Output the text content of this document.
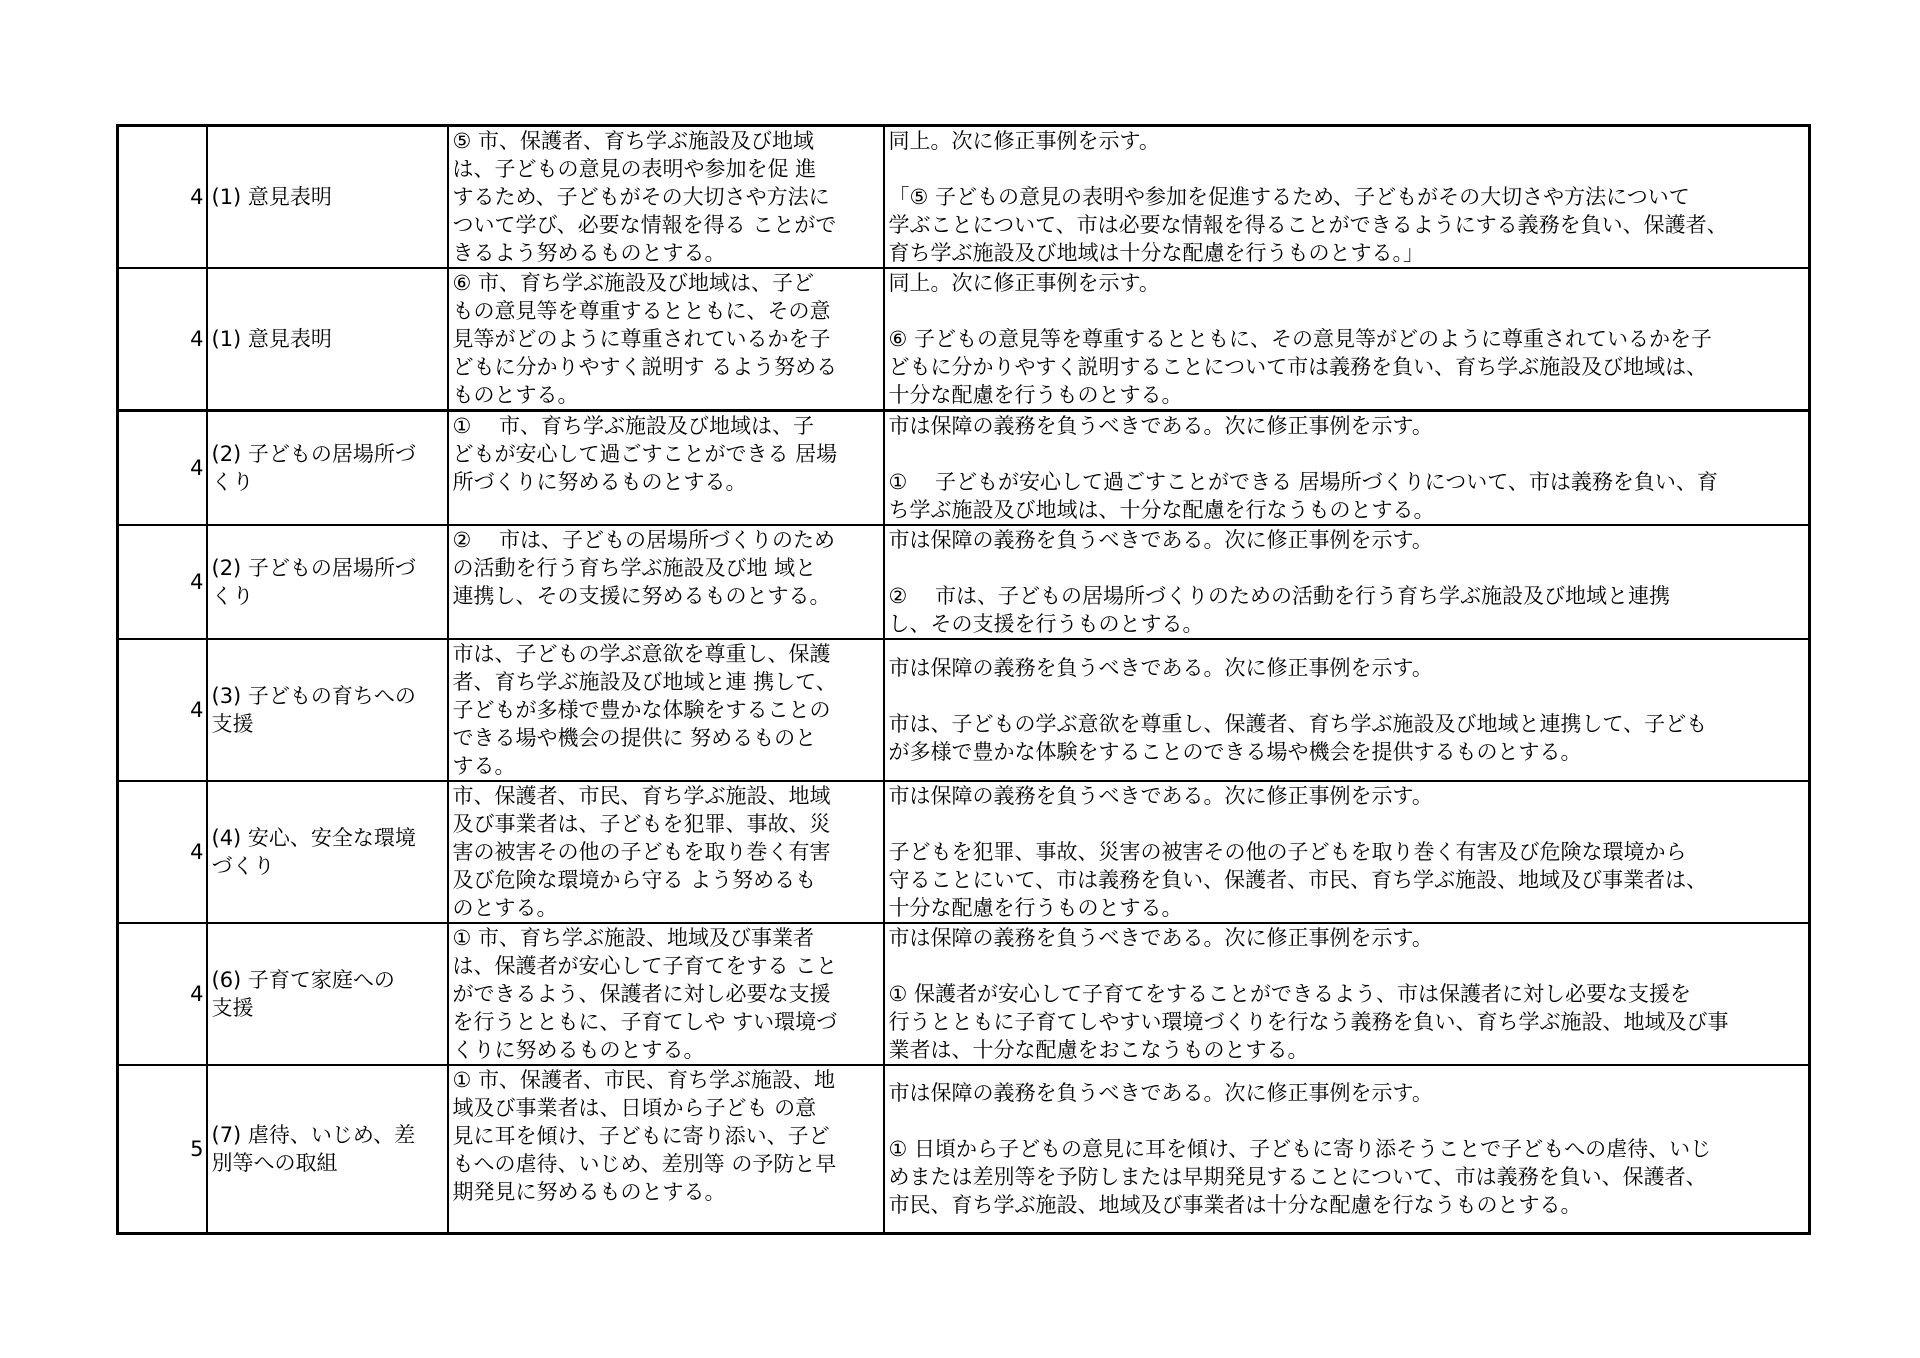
4	(1) 意見表明	⑤ 市、保護者、育ち学ぶ施設及び地域
は、子どもの意見の表明や参加を促 進
するため、子どもがその大切さや方法に
ついて学び、必要な情報を得る ことがで
きるよう努めるものとする。	同上。次に修正事例を示す。

「⑤ 子どもの意見の表明や参加を促進するため、子どもがその大切さや方法について
学ぶことについて、市は必要な情報を得ることができるようにする義務を負い、保護者、
育ち学ぶ施設及び地域は十分な配慮を行うものとする。」
4	(1) 意見表明	⑥ 市、育ち学ぶ施設及び地域は、子ど
もの意見等を尊重するとともに、その意
見等がどのように尊重されているかを子
どもに分かりやすく説明す るよう努める
ものとする。	同上。次に修正事例を示す。

⑥ 子どもの意見等を尊重するとともに、その意見等がどのように尊重されているかを子
どもに分かりやすく説明することについて市は義務を負い、育ち学ぶ施設及び地域は、
十分な配慮を行うものとする。
4	(2) 子どもの居場所づ
くり	①　 市、育ち学ぶ施設及び地域は、子
どもが安心して過ごすことができる 居場
所づくりに努めるものとする。	市は保障の義務を負うべきである。次に修正事例を示す。

①　 子どもが安心して過ごすことができる 居場所づくりについて、市は義務を負い、育
ち学ぶ施設及び地域は、十分な配慮を行なうものとする。
4	(2) 子どもの居場所づ
くり	②　 市は、子どもの居場所づくりのため
の活動を行う育ち学ぶ施設及び地 域と
連携し、その支援に努めるものとする。	市は保障の義務を負うべきである。次に修正事例を示す。

②　 市は、子どもの居場所づくりのための活動を行う育ち学ぶ施設及び地域と連携
し、その支援を行うものとする。
4	(3) 子どもの育ちへの
支援	市は、子どもの学ぶ意欲を尊重し、保護
者、育ち学ぶ施設及び地域と連 携して、
子どもが多様で豊かな体験をすることの
できる場や機会の提供に 努めるものと
する。	市は保障の義務を負うべきである。次に修正事例を示す。

市は、子どもの学ぶ意欲を尊重し、保護者、育ち学ぶ施設及び地域と連携して、子ども
が多様で豊かな体験をすることのできる場や機会を提供するものとする。
4	(4) 安心、安全な環境
づくり	市、保護者、市民、育ち学ぶ施設、地域
及び事業者は、子どもを犯罪、事故、災
害の被害その他の子どもを取り巻く有害
及び危険な環境から守る よう努めるも
のとする。	市は保障の義務を負うべきである。次に修正事例を示す。

子どもを犯罪、事故、災害の被害その他の子どもを取り巻く有害及び危険な環境から
守ることにいて、市は義務を負い、保護者、市民、育ち学ぶ施設、地域及び事業者は、
十分な配慮を行うものとする。
4	(6) 子育て家庭への
支援	① 市、育ち学ぶ施設、地域及び事業者
は、保護者が安心して子育てをする こと
ができるよう、保護者に対し必要な支援
を行うとともに、子育てしや すい環境づ
くりに努めるものとする。	市は保障の義務を負うべきである。次に修正事例を示す。

① 保護者が安心して子育てをすることができるよう、市は保護者に対し必要な支援を
行うとともに子育てしやすい環境づくりを行なう義務を負い、育ち学ぶ施設、地域及び事
業者は、十分な配慮をおこなうものとする。
5	(7) 虐待、いじめ、差
別等への取組	① 市、保護者、市民、育ち学ぶ施設、地
域及び事業者は、日頃から子ども の意
見に耳を傾け、子どもに寄り添い、子ど
もへの虐待、いじめ、差別等 の予防と早
期発見に努めるものとする。	市は保障の義務を負うべきである。次に修正事例を示す。

① 日頃から子どもの意見に耳を傾け、子どもに寄り添そうことで子どもへの虐待、いじ
めまたは差別等を予防しまたは早期発見することについて、市は義務を負い、保護者、
市民、育ち学ぶ施設、地域及び事業者は十分な配慮を行なうものとする。
